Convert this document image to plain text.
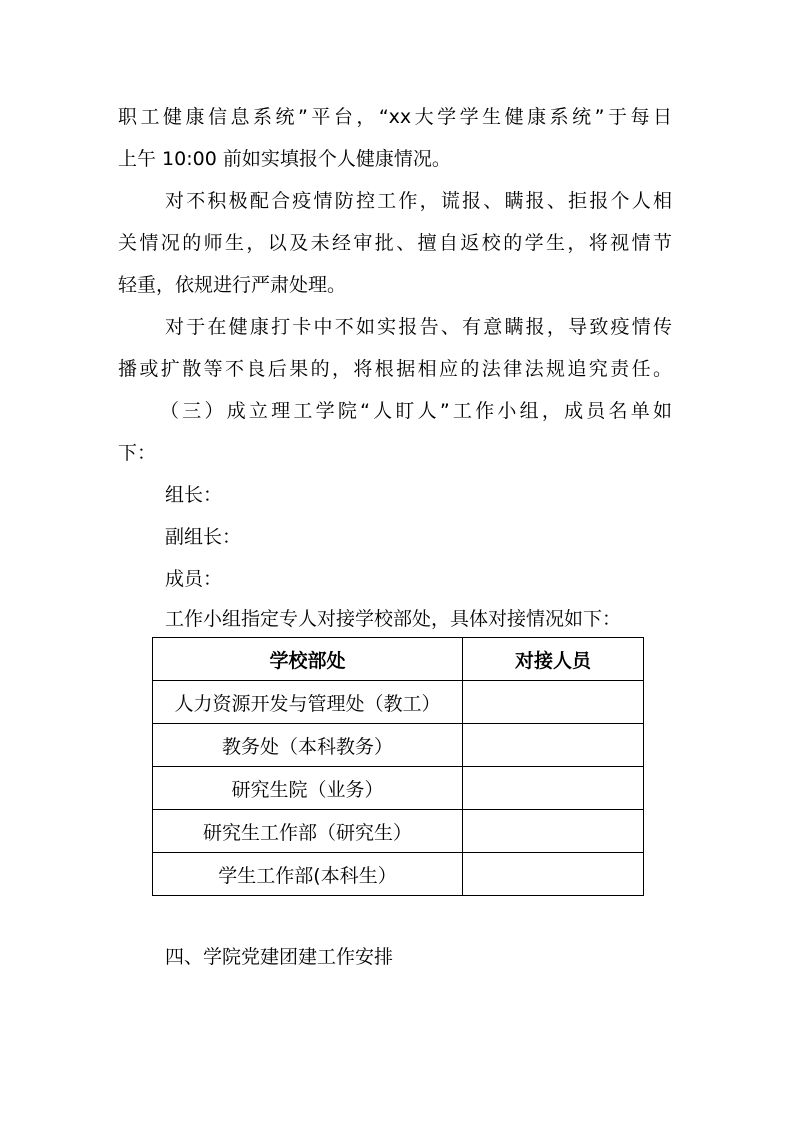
职工健康信息系统”平台，“xx大学学生健康系统”于每日
上午 10:00 前如实填报个人健康情况。
对不积极配合疫情防控工作，谎报、瞒报、拒报个人相
关情况的师生，以及未经审批、擅自返校的学生，将视情节
轻重，依规进行严肃处理。
对于在健康打卡中不如实报告、有意瞒报，导致疫情传
播或扩散等不良后果的，将根据相应的法律法规追究责任。
（三）成立理工学院“人盯人”工作小组，成员名单如
下：
组长：
副组长：
成员：
工作小组指定专人对接学校部处，具体对接情况如下：
学校部处	对接人员
人力资源开发与管理处（教工）	
教务处（本科教务）	
研究生院（业务）	
研究生工作部（研究生）	
学生工作部(本科生）	
四、学院党建团建工作安排
